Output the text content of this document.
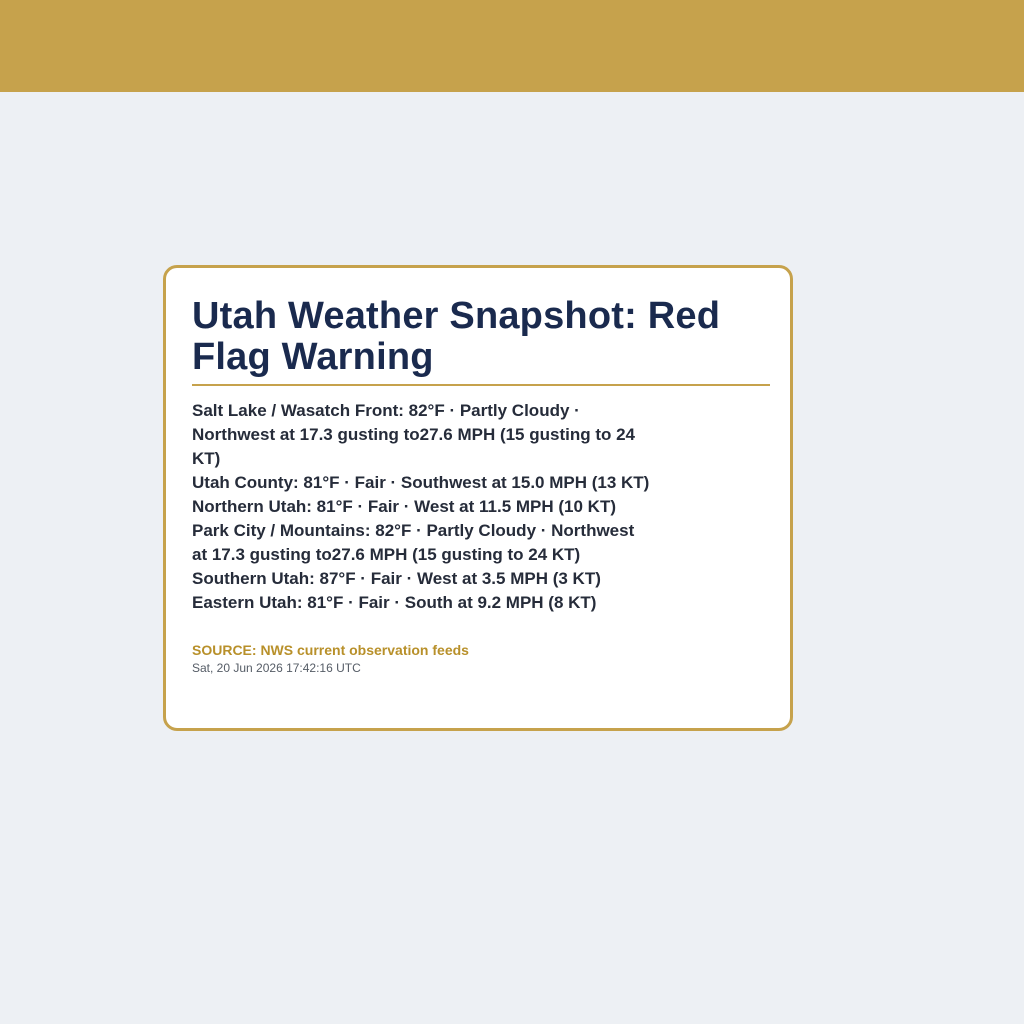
Utah Weather Snapshot: Red Flag Warning
Salt Lake / Wasatch Front: 82°F · Partly Cloudy · Northwest at 17.3 gusting to27.6 MPH (15 gusting to 24 KT)
Utah County: 81°F · Fair · Southwest at 15.0 MPH (13 KT)
Northern Utah: 81°F · Fair · West at 11.5 MPH (10 KT)
Park City / Mountains: 82°F · Partly Cloudy · Northwest at 17.3 gusting to27.6 MPH (15 gusting to 24 KT)
Southern Utah: 87°F · Fair · West at 3.5 MPH (3 KT)
Eastern Utah: 81°F · Fair · South at 9.2 MPH (8 KT)
SOURCE: NWS current observation feeds
Sat, 20 Jun 2026 17:42:16 UTC
